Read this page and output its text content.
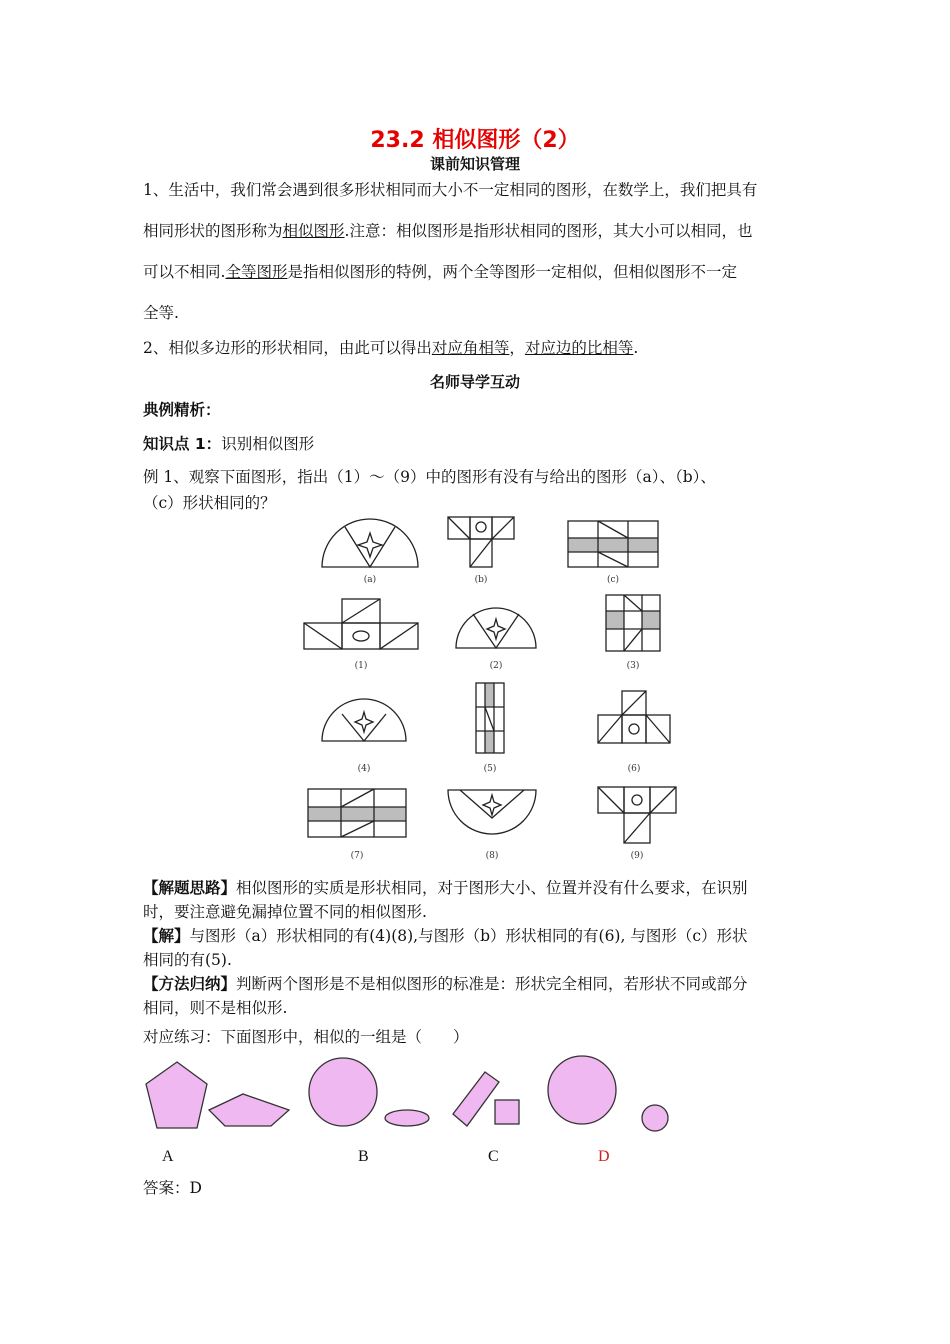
23.2 相似图形（2）
课前知识管理
1、生活中，我们常会遇到很多形状相同而大小不一定相同的图形，在数学上，我们把具有
相同形状的图形称为相似图形.注意：相似图形是指形状相同的图形，其大小可以相同，也
可以不相同.全等图形是指相似图形的特例，两个全等图形一定相似，但相似图形不一定
全等.
2、相似多边形的形状相同，由此可以得出对应角相等，对应边的比相等.
名师导学互动
典例精析：
知识点 1：识别相似图形
例 1、观察下面图形，指出（1）～（9）中的图形有没有与给出的图形（a）、（b）、
（c）形状相同的？
(a)	(b)	(c)
(1)	(2)	(3)
(4)	(5)	(6)
(7)	(8)	(9)
【解题思路】相似图形的实质是形状相同，对于图形大小、位置并没有什么要求，在识别
时，要注意避免漏掉位置不同的相似图形.
【解】与图形（a）形状相同的有(4)(8),与图形（b）形状相同的有(6), 与图形（c）形状
相同的有(5).
【方法归纳】判断两个图形是不是相似图形的标准是：形状完全相同，若形状不同或部分
相同，则不是相似形.
对应练习：下面图形中，相似的一组是（　　）
A	B	C	D
答案：D
